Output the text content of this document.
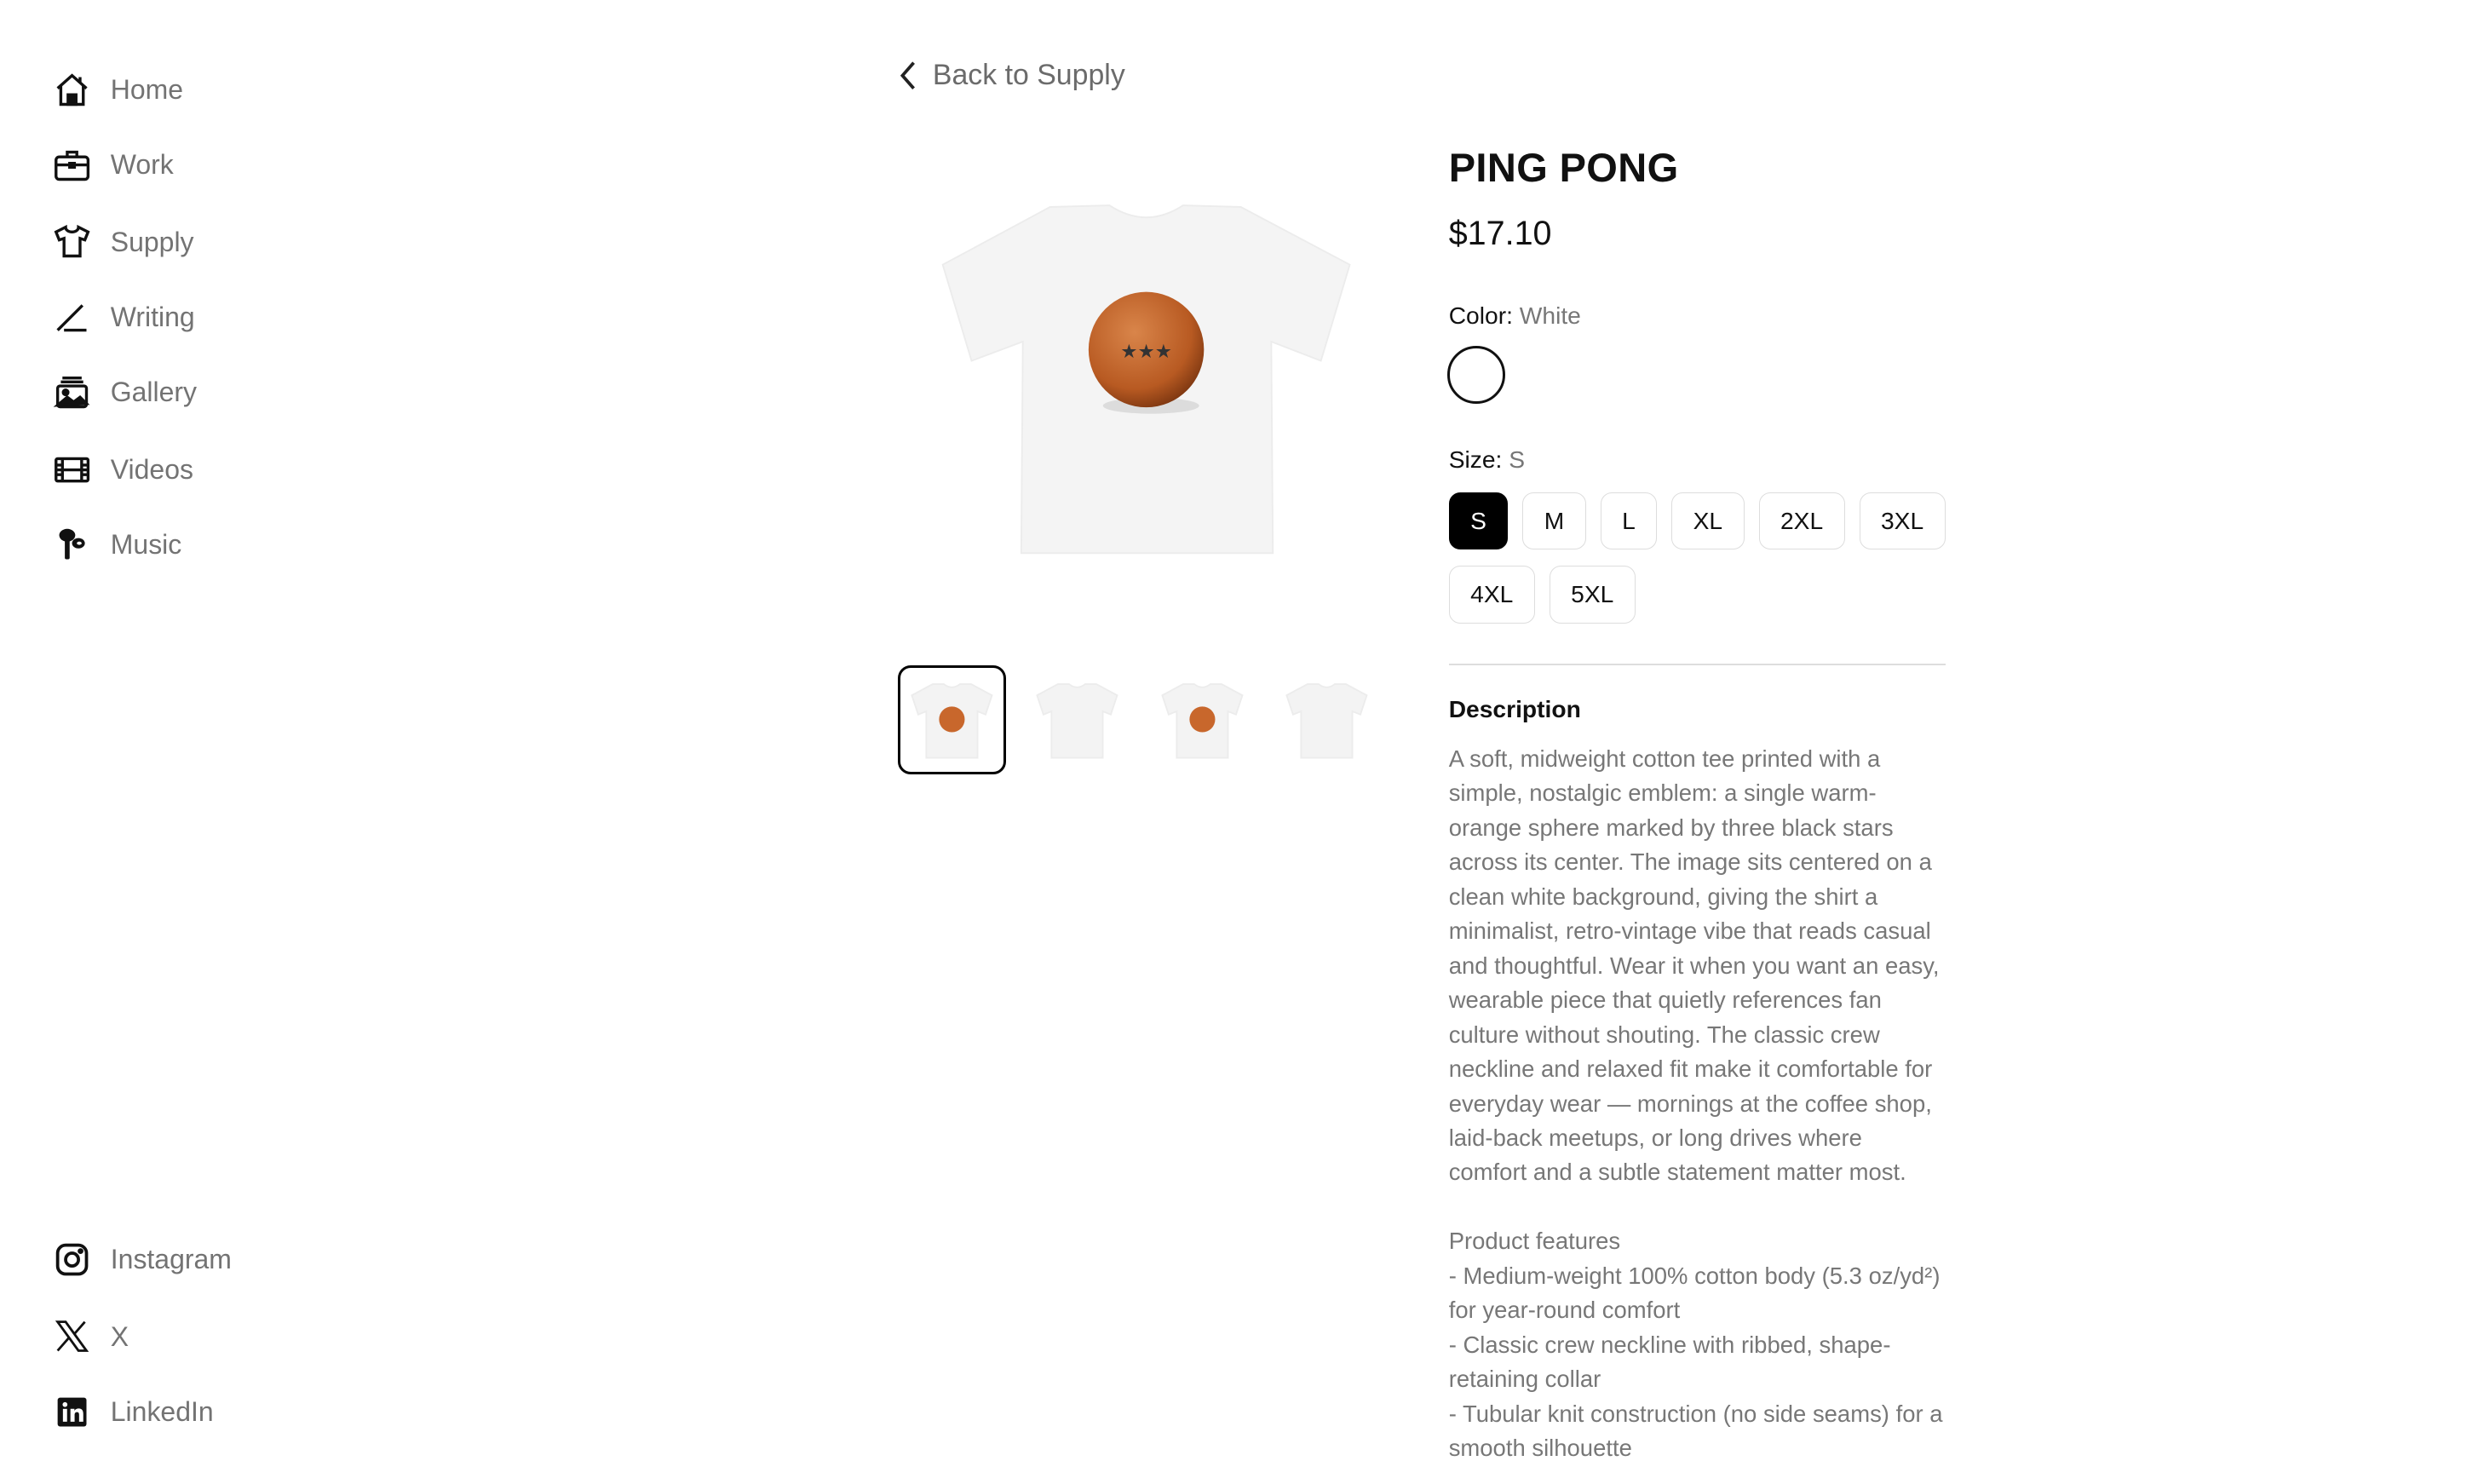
Home
Work
Supply
Writing
Gallery
Videos
Music
Instagram
X
LinkedIn
Back to Supply
★★★
PING PONG
$17.10
Color: White
Size: S
S	M	L	XL	2XL	3XL
4XL	5XL
Description
A soft, midweight cotton tee printed with a simple, nostalgic emblem: a single warm-orange sphere marked by three black stars across its center. The image sits centered on a clean white background, giving the shirt a minimalist, retro-vintage vibe that reads casual and thoughtful. Wear it when you want an easy, wearable piece that quietly references fan culture without shouting. The classic crew neckline and relaxed fit make it comfortable for everyday wear — mornings at the coffee shop, laid-back meetups, or long drives where comfort and a subtle statement matter most.

Product features
- Medium-weight 100% cotton body (5.3 oz/yd²) for year-round comfort
- Classic crew neckline with ribbed, shape-retaining collar
- Tubular knit construction (no side seams) for a smooth silhouette
